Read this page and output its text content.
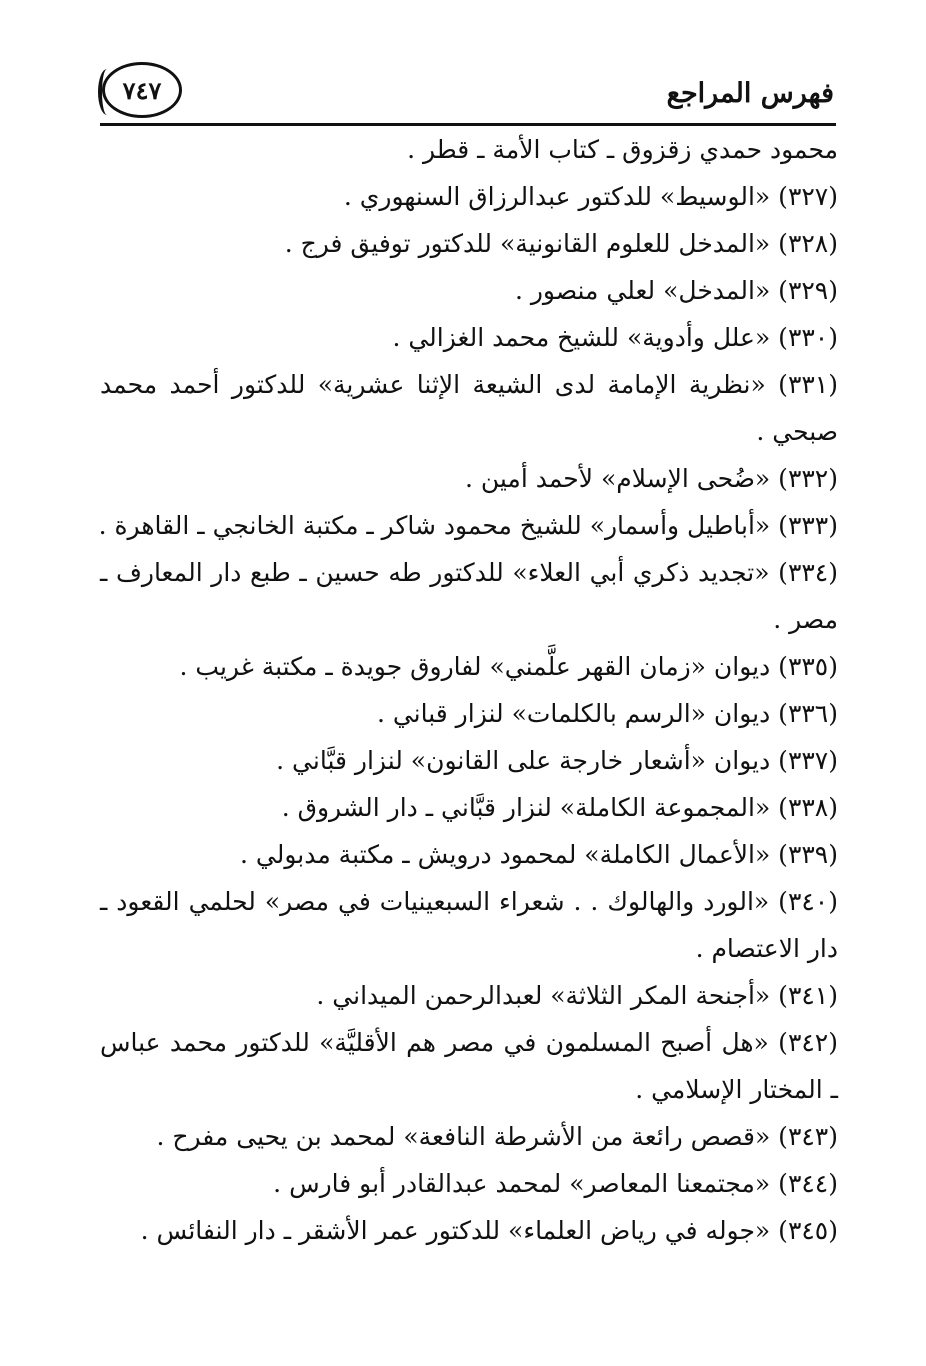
فهرس المراجع
٧٤٧
محمود حمدي زقزوق ـ كتاب الأمة ـ قطر .
(٣٢٧) «الوسيط» للدكتور عبدالرزاق السنهوري .
(٣٢٨) «المدخل للعلوم القانونية» للدكتور توفيق فرج .
(٣٢٩) «المدخل» لعلي منصور .
(٣٣٠) «علل وأدوية» للشيخ محمد الغزالي .
(٣٣١) «نظرية الإمامة لدى الشيعة الإثنا عشرية» للدكتور أحمد محمد
صبحي .
(٣٣٢) «ضُحى الإسلام» لأحمد أمين .
(٣٣٣) «أباطيل وأسمار» للشيخ محمود شاكر ـ مكتبة الخانجي ـ القاهرة .
(٣٣٤) «تجديد ذكري أبي العلاء» للدكتور طه حسين ـ طبع دار المعارف ـ
مصر .
(٣٣٥) ديوان «زمان القهر علَّمني» لفاروق جويدة ـ مكتبة غريب .
(٣٣٦) ديوان «الرسم بالكلمات» لنزار قباني .
(٣٣٧) ديوان «أشعار خارجة على القانون» لنزار قبَّاني .
(٣٣٨) «المجموعة الكاملة» لنزار قبَّاني ـ دار الشروق .
(٣٣٩) «الأعمال الكاملة» لمحمود درويش ـ مكتبة مدبولي .
(٣٤٠) «الورد والهالوك . . شعراء السبعينيات في مصر» لحلمي القعود ـ
دار الاعتصام .
(٣٤١) «أجنحة المكر الثلاثة» لعبدالرحمن الميداني .
(٣٤٢) «هل أصبح المسلمون في مصر هم الأقليَّة» للدكتور محمد عباس
ـ المختار الإسلامي .
(٣٤٣) «قصص رائعة من الأشرطة النافعة» لمحمد بن يحيى مفرح .
(٣٤٤) «مجتمعنا المعاصر» لمحمد عبدالقادر أبو فارس .
(٣٤٥) «جوله في رياض العلماء» للدكتور عمر الأشقر ـ دار النفائس .
